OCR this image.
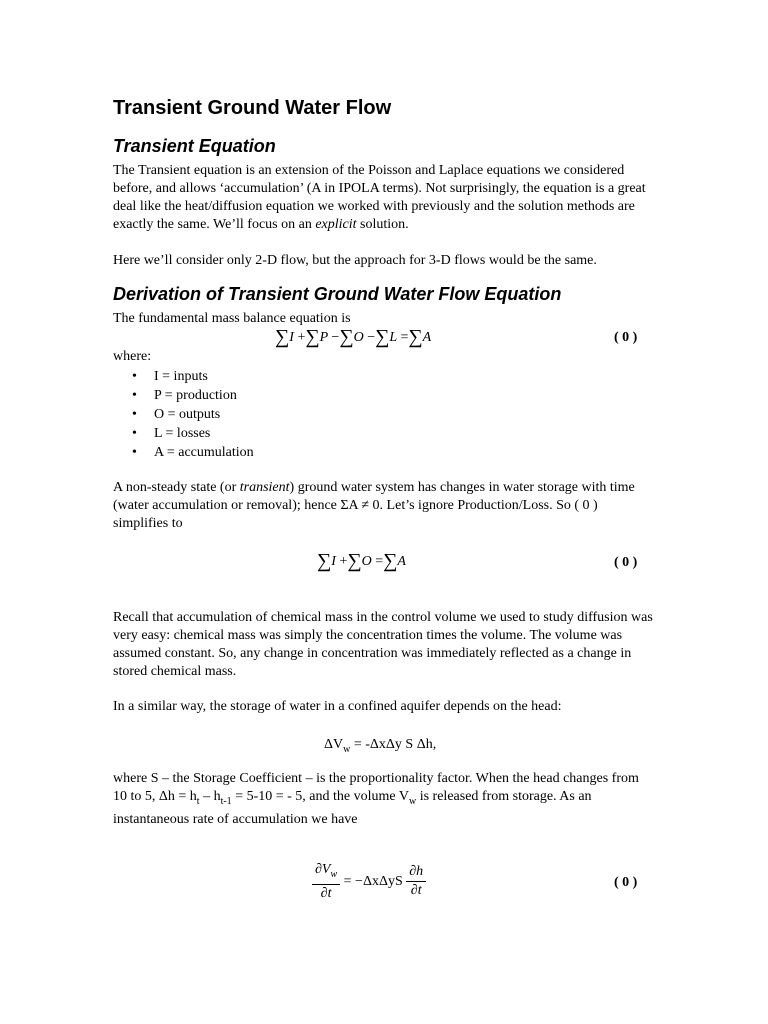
Transient Ground Water Flow
Transient Equation
The Transient equation is an extension of the Poisson and Laplace equations we considered before, and allows ‘accumulation’ (A in IPOLA terms). Not surprisingly, the equation is a great deal like the heat/diffusion equation we worked with previously and the solution methods are exactly the same. We’ll focus on an explicit solution.
Here we’ll consider only 2-D flow, but the approach for 3-D flows would be the same.
Derivation of Transient Ground Water Flow Equation
The fundamental mass balance equation is
∑I +∑P −∑O −∑L =∑A	( 0 )
where:
• I = inputs
• P = production
• O = outputs
• L = losses
• A = accumulation
A non-steady state (or transient) ground water system has changes in water storage with time (water accumulation or removal); hence ΣA ≠ 0. Let’s ignore Production/Loss. So ( 0 ) simplifies to
∑I +∑O =∑A	( 0 )
Recall that accumulation of chemical mass in the control volume we used to study diffusion was very easy: chemical mass was simply the concentration times the volume. The volume was assumed constant. So, any change in concentration was immediately reflected as a change in stored chemical mass.
In a similar way, the storage of water in a confined aquifer depends on the head:
$\Delta V_w = -\Delta x\Delta y$ S Δh,
where S – the Storage Coefficient – is the proportionality factor. When the head changes from 10 to 5, $\Delta h = h_t - h_{t-1} = 5-10$ = - 5, and the volume $V_w$ is released from storage. As an instantaneous rate of accumulation we have
$\frac{\partial V_w}{\partial t} = -\Delta x\Delta yS \frac{\partial h}{\partial t}$	( 0 )
